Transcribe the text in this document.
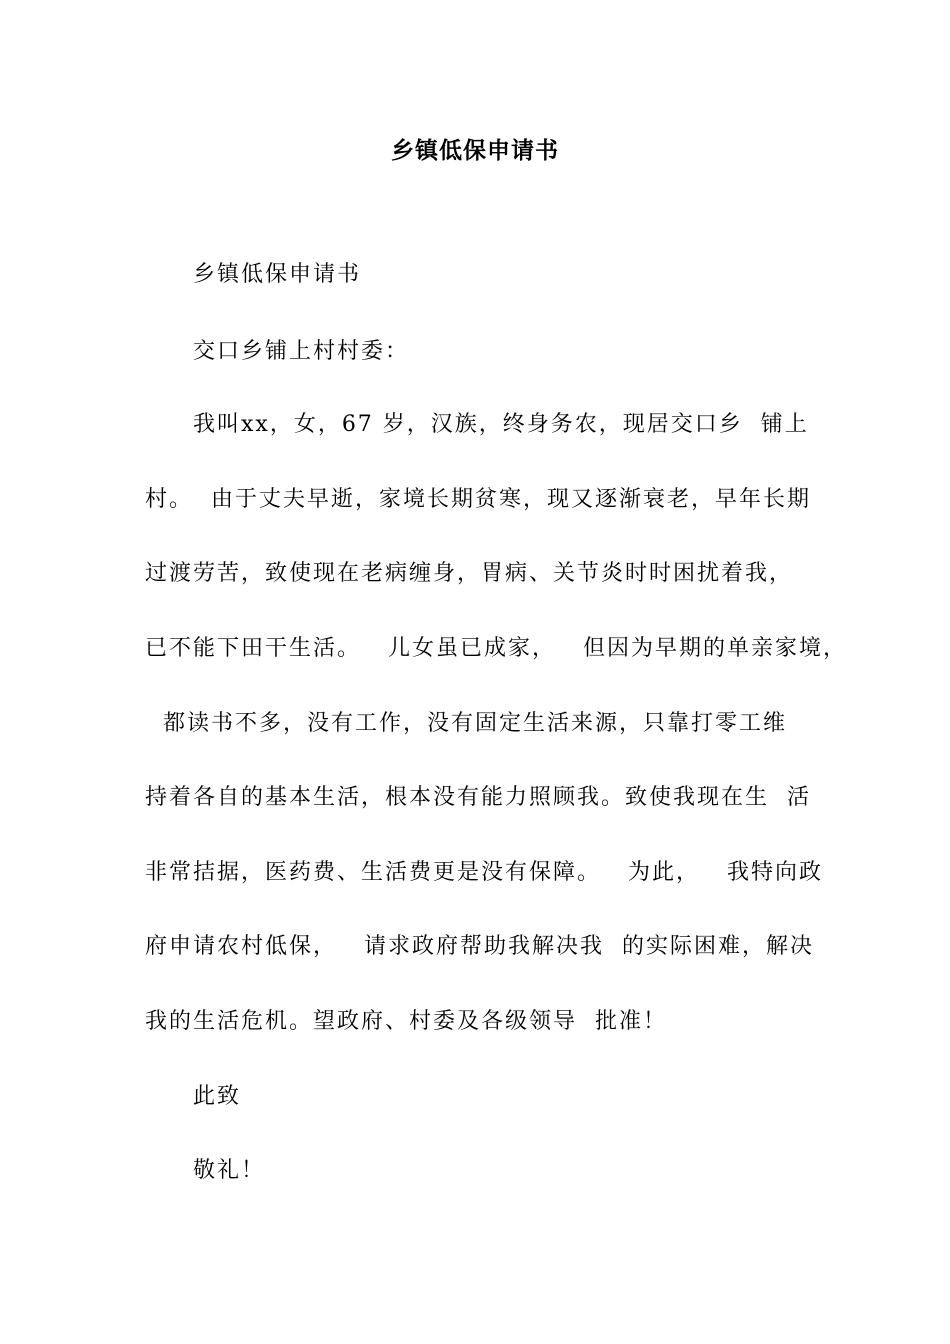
乡镇低保申请书
乡镇低保申请书
交口乡铺上村村委：
我叫xx，女，67 岁，汉族，终身务农，现居交口乡  铺上
村。  由于丈夫早逝，家境长期贫寒，现又逐渐衰老，早年长期
过渡劳苦，致使现在老病缠身，胃病、关节炎时时困扰着我，
已不能下田干生活。   儿女虽已成家，   但因为早期的单亲家境，
都读书不多，没有工作，没有固定生活来源，只靠打零工维
持着各自的基本生活，根本没有能力照顾我。致使我现在生  活
非常拮据，医药费、生活费更是没有保障。   为此，   我特向政
府申请农村低保，   请求政府帮助我解决我  的实际困难，解决
我的生活危机。望政府、村委及各级领导  批准！
此致
敬礼！
